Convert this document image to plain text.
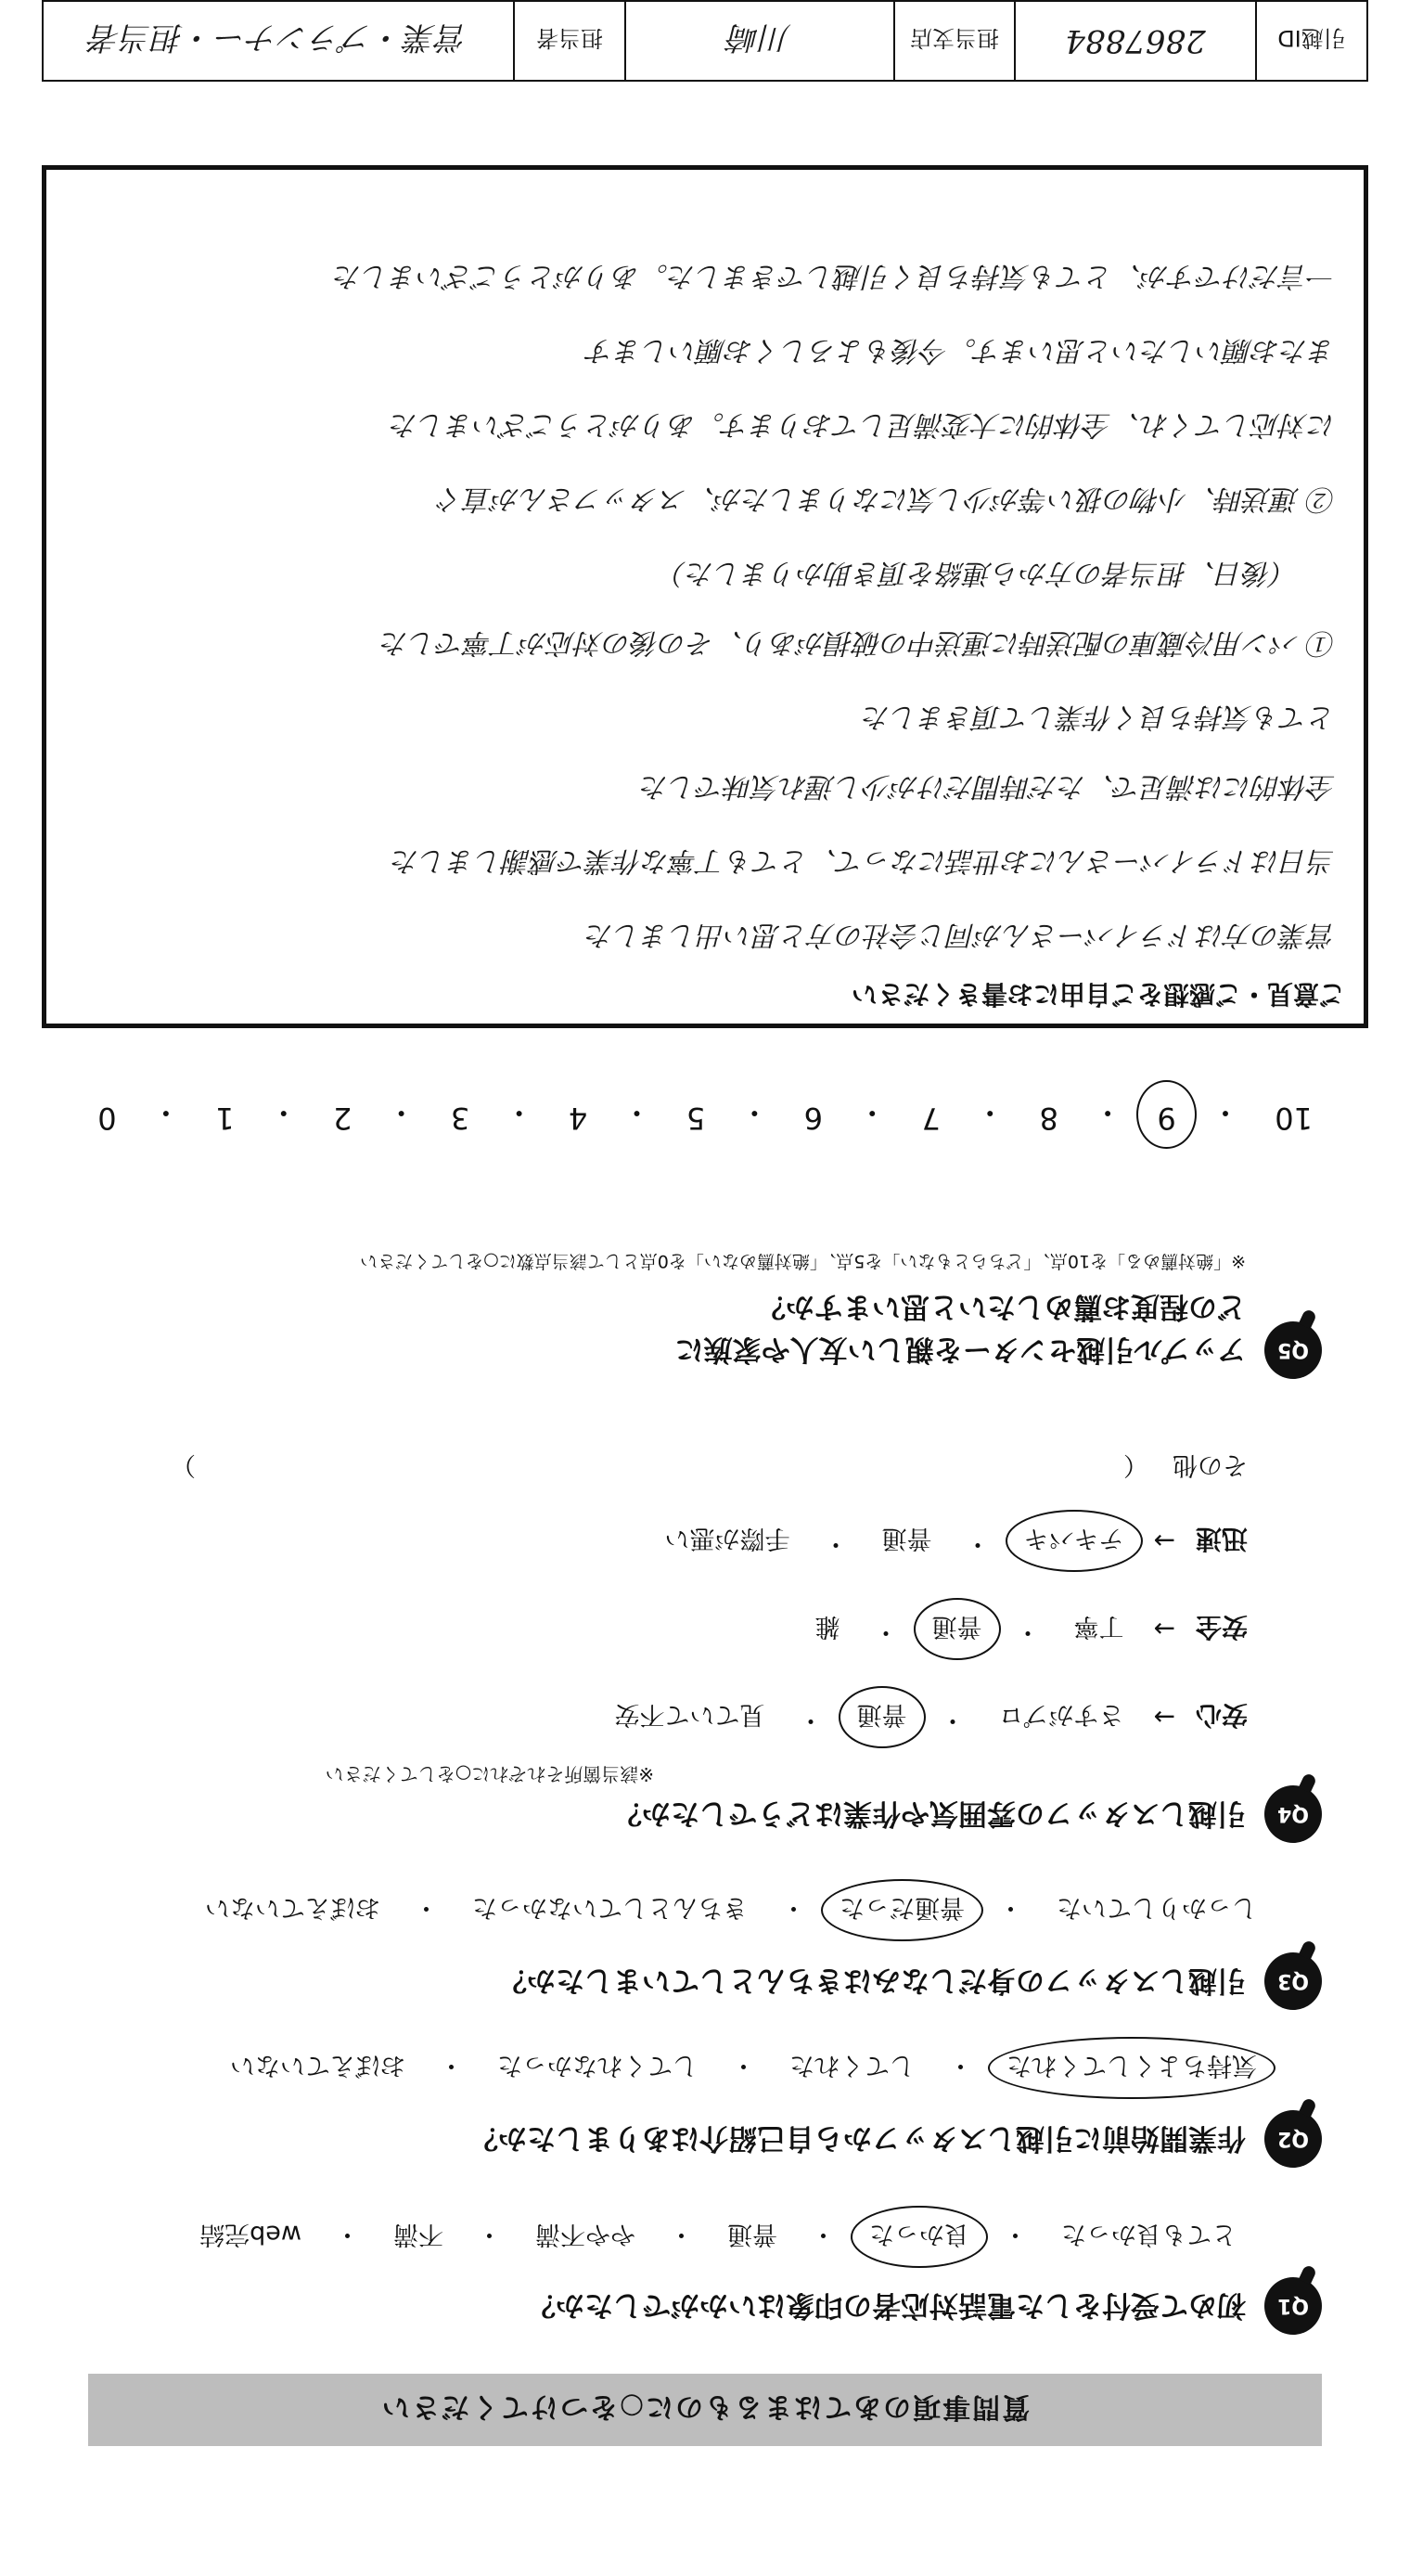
質問事項のあてはまるものに○をつけてください
Q1
初めて受付をした電話対応者の印象はいかがでしたか？
とても良かった
・
良かった
・
普通
・
やや不満
・
不満
・
web完結
Q2
作業開始前に引越しスタッフから自己紹介はありましたか？
気持ちよくしてくれた
・
してくれた
・
してくれなかった
・
おぼえていない
Q3
引越しスタッフの身だしなみはきちんとしていましたか？
しっかりしていた
・
普通だった
・
きちんとしていなかった
・
おぼえていない
Q4
引越しスタッフの雰囲気や作業はどうでしたか？
※該当箇所それぞれに○をしてください
安心
→
さすがプロ
・
普通
・
見ていて不安
安全
→
丁寧
・
普通
・
雑
迅速
→
テキパキ
・
普通
・
手際が悪い
その他
（
）
Q5
アップル引越センターを親しい友人や家族に
どの程度お薦めしたいと思いますか？
※「絶対薦める」を10点、「どちらともない」を5点、「絶対薦めない」を0点として該当点数に○をしてください
10
・
9
・
8
・
7
・
6
・
5
・
4
・
3
・
2
・
1
・
0
ご意見・ご感想をご自由にお書きください
営業の方はドライバーさんが同じ会社の方と思い出しました
当日はドライバーさんにお世話になって、とても丁寧な作業で感謝しました
全体的には満足で、ただ時間だけが少し遅れ気味でした
とても気持ち良く作業して頂きました
① パン用冷蔵庫の配送時に運送中の破損があり、その後の対応が丁寧でした
（後日、担当者の方から連絡を頂き助かりました）
② 運送時、小物の扱い等が少し気になりましたが、スタッフさんが直ぐ
に対応してくれ、全体的に大変満足しております。ありがとうございました
またお願いしたいと思います。今後もよろしくお願いします
一言だけですが、とても気持ち良く引越しできました。ありがとうございました
引越ID
2867884
担当支店
川崎
担当者
営業・プランナー・担当者
